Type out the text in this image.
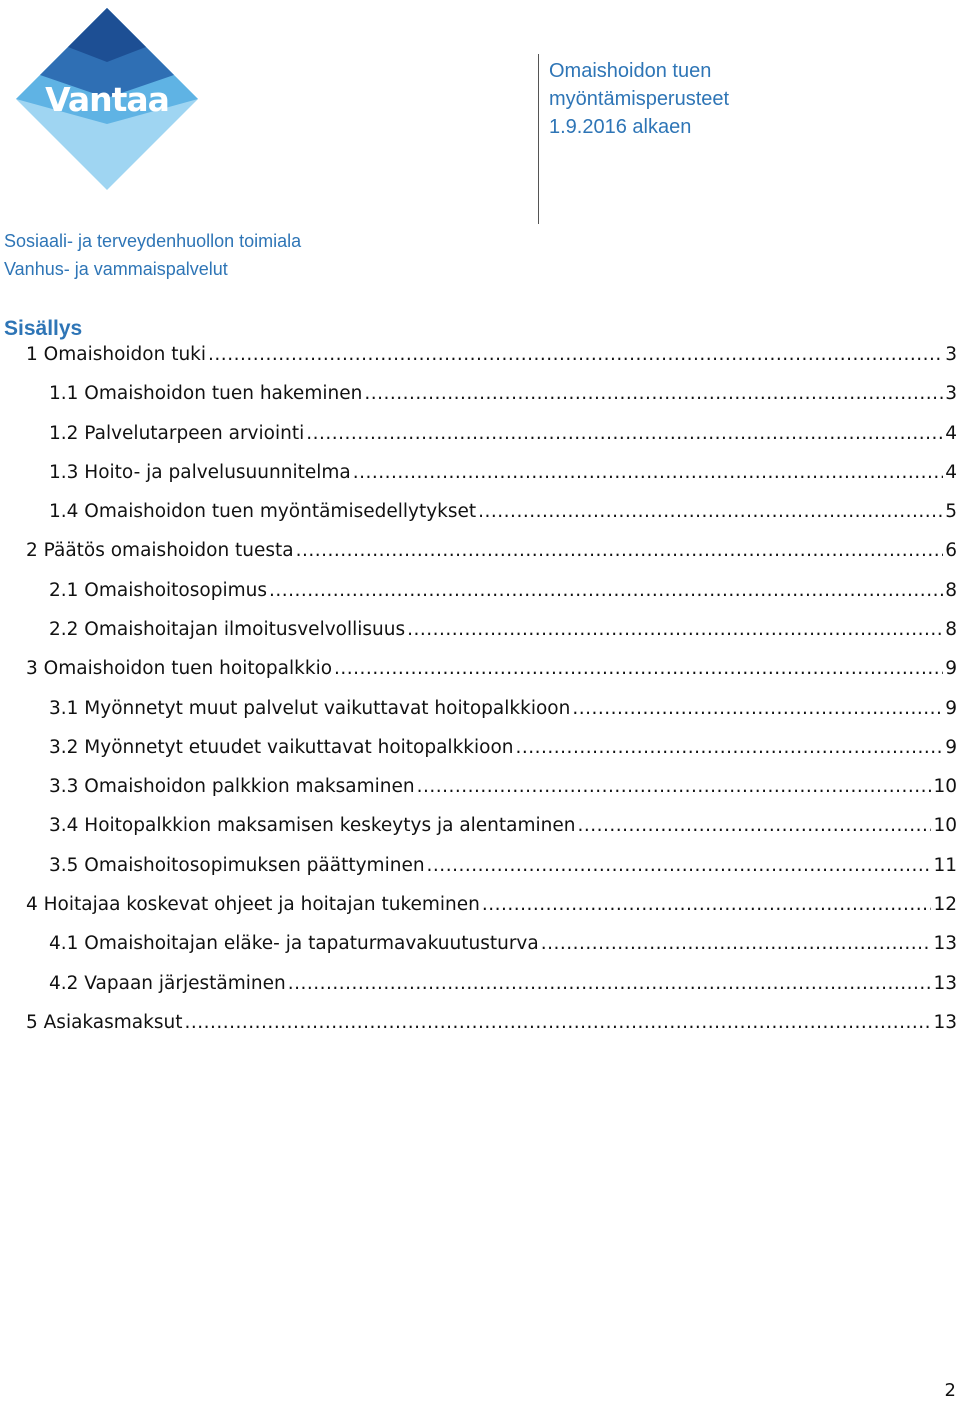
Vantaa
Omaishoidon tuen
myöntämisperusteet
1.9.2016 alkaen
Sosiaali- ja terveydenhuollon toimiala
Vanhus- ja vammaispalvelut
Sisällys
1 Omaishoidon tuki .....	3
1.1 Omaishoidon tuen hakeminen .....	3
1.2 Palvelutarpeen arviointi .....	4
1.3 Hoito- ja palvelusuunnitelma .....	4
1.4 Omaishoidon tuen myöntämisedellytykset .....	5
2 Päätös omaishoidon tuesta .....	6
2.1 Omaishoitosopimus .....	8
2.2 Omaishoitajan ilmoitusvelvollisuus .....	8
3 Omaishoidon tuen hoitopalkkio .....	9
3.1 Myönnetyt muut palvelut vaikuttavat hoitopalkkioon .....	9
3.2 Myönnetyt etuudet vaikuttavat hoitopalkkioon .....	9
3.3 Omaishoidon palkkion maksaminen .....	10
3.4 Hoitopalkkion maksamisen keskeytys ja alentaminen .....	10
3.5 Omaishoitosopimuksen päättyminen .....	11
4 Hoitajaa koskevat ohjeet ja hoitajan tukeminen .....	12
4.1 Omaishoitajan eläke- ja tapaturmavakuutusturva .....	13
4.2 Vapaan järjestäminen .....	13
5 Asiakasmaksut .....	13
2
